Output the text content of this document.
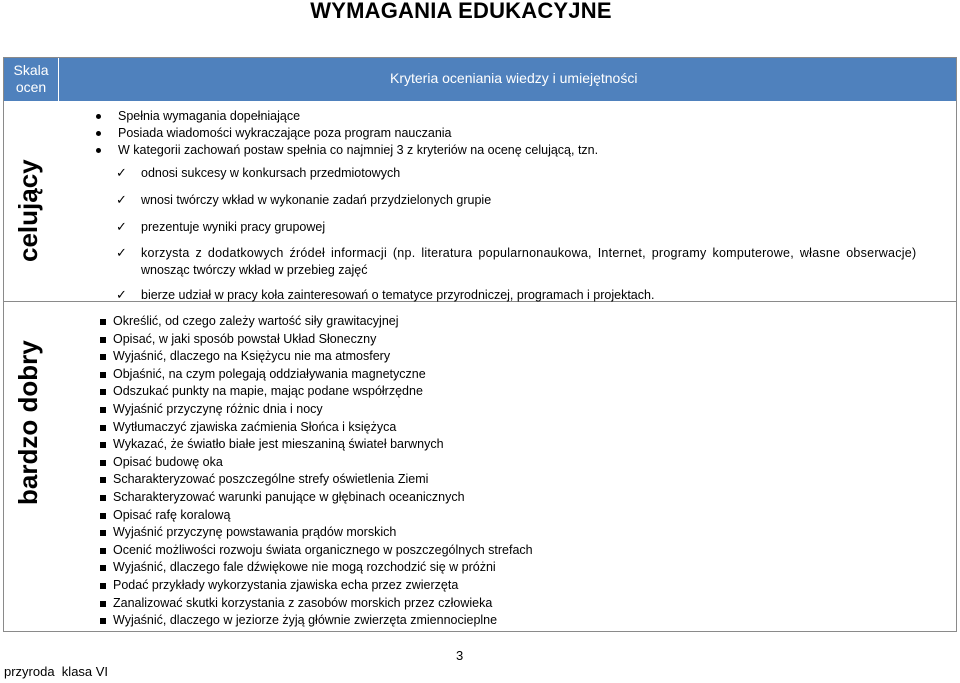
WYMAGANIA EDUKACYJNE
Skala ocen
Kryteria oceniania wiedzy i umiejętności
celujący
bardzo dobry
Spełnia wymagania dopełniające
Posiada wiadomości wykraczające poza program nauczania
W kategorii zachowań postaw spełnia co najmniej 3 z kryteriów na ocenę celującą, tzn.
✓ odnosi sukcesy w konkursach przedmiotowych
✓ wnosi twórczy wkład w wykonanie zadań przydzielonych grupie
✓ prezentuje wyniki pracy grupowej
✓ korzysta z dodatkowych źródeł informacji (np. literatura popularnonaukowa, Internet, programy komputerowe, własne obserwacje)
wnosząc twórczy wkład w przebieg zajęć
✓ bierze udział w pracy koła zainteresowań o tematyce przyrodniczej, programach i projektach.
Określić, od czego zależy wartość siły grawitacyjnej
Opisać, w jaki sposób powstał Układ Słoneczny
Wyjaśnić, dlaczego na Księżycu nie ma atmosfery
Objaśnić, na czym polegają oddziaływania magnetyczne
Odszukać punkty na mapie, mając podane współrzędne
Wyjaśnić przyczynę różnic dnia i nocy
Wytłumaczyć zjawiska zaćmienia Słońca i księżyca
Wykazać, że światło białe jest mieszaniną świateł barwnych
Opisać budowę oka
Scharakteryzować poszczególne strefy oświetlenia Ziemi
Scharakteryzować warunki panujące w głębinach oceanicznych
Opisać rafę koralową
Wyjaśnić przyczynę powstawania prądów morskich
Ocenić możliwości rozwoju świata organicznego w poszczególnych strefach
Wyjaśnić, dlaczego fale dźwiękowe nie mogą rozchodzić się w próżni
Podać przykłady wykorzystania zjawiska echa przez zwierzęta
Zanalizować skutki korzystania z zasobów morskich przez człowieka
Wyjaśnić, dlaczego w jeziorze żyją głównie zwierzęta zmiennocieplne
3
przyroda  klasa VI
